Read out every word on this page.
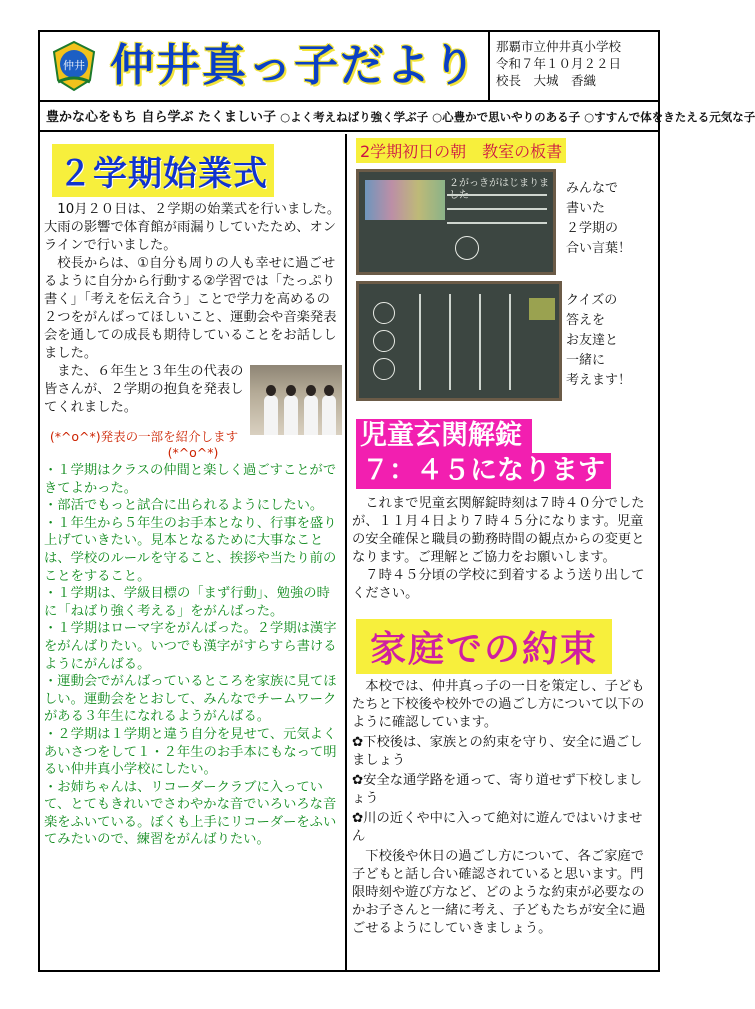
仲井 仲井真っ子だより	那覇市立仲井真小学校
令和７年１０月２２日
校長　大城　香織
豊かな心をもち 自ら学ぶ たくましい子 ○よく考えねばり強く学ぶ子 ○心豊かで思いやりのある子 ○すすんで体をきたえる元気な子
２学期始業式

10月２０日は、２学期の始業式を行いました。大雨の影響で体育館が雨漏りしていたため、オンラインで行いました。

校長からは、①自分も周りの人も幸せに過ごせるように自分から行動する②学習では「たっぷり書く」「考えを伝え合う」ことで学力を高めるの２つをがんばってほしいこと、運動会や音楽発表会を通しての成長も期待していることをお話ししました。

また、６年生と３年生の代表の皆さんが、２学期の抱負を発表してくれました。

(*^o^*)発表の一部を紹介します(*^o^*)

・１学期はクラスの仲間と楽しく過ごすことができてよかった。

・部活でもっと試合に出られるようにしたい。

・１年生から５年生のお手本となり、行事を盛り上げていきたい。見本となるために大事なことは、学校のルールを守ること、挨拶や当たり前のことをすること。

・１学期は、学級目標の「まず行動」、勉強の時に「ねばり強く考える」をがんばった。

・１学期はローマ字をがんばった。２学期は漢字をがんばりたい。いつでも漢字がすらすら書けるようにがんばる。

・運動会でがんばっているところを家族に見てほしい。運動会をとおして、みんなでチームワークがある３年生になれるようがんばる。

・２学期は１学期と違う自分を見せて、元気よくあいさつをして１・２年生のお手本にもなって明るい仲井真小学校にしたい。

・お姉ちゃんは、リコーダークラブに入っていて、とてもきれいでさわやかな音でいろいろな音楽をふいている。ぼくも上手にリコーダーをふいてみたいので、練習をがんばりたい。

2学期初日の朝　教室の板書
２がっきがはじまりま	みんなで
書いた
２学期の
合い言葉！
クイズの
答えを
お友達と
一緒に
考えます！
児童玄関解錠
７：４５になります

これまで児童玄関解錠時刻は７時４０分でしたが、１１月４日より７時４５分になります。児童の安全確保と職員の勤務時間の観点からの変更となります。ご理解とご協力をお願いします。

７時４５分頃の学校に到着するよう送り出してください。

家庭での約束

本校では、仲井真っ子の一日を策定し、子どもたちと下校後や校外での過ごし方について以下のように確認しています。

✿下校後は、家族との約束を守り、安全に過ごしましょう

✿安全な通学路を通って、寄り道せず下校しましょう

✿川の近くや中に入って絶対に遊んではいけません

下校後や休日の過ごし方について、各ご家庭で子どもと話し合い確認されていると思います。門限時刻や遊び方など、どのような約束が必要なのかお子さんと一緒に考え、子どもたちが安全に過ごせるようにしていきましょう。
